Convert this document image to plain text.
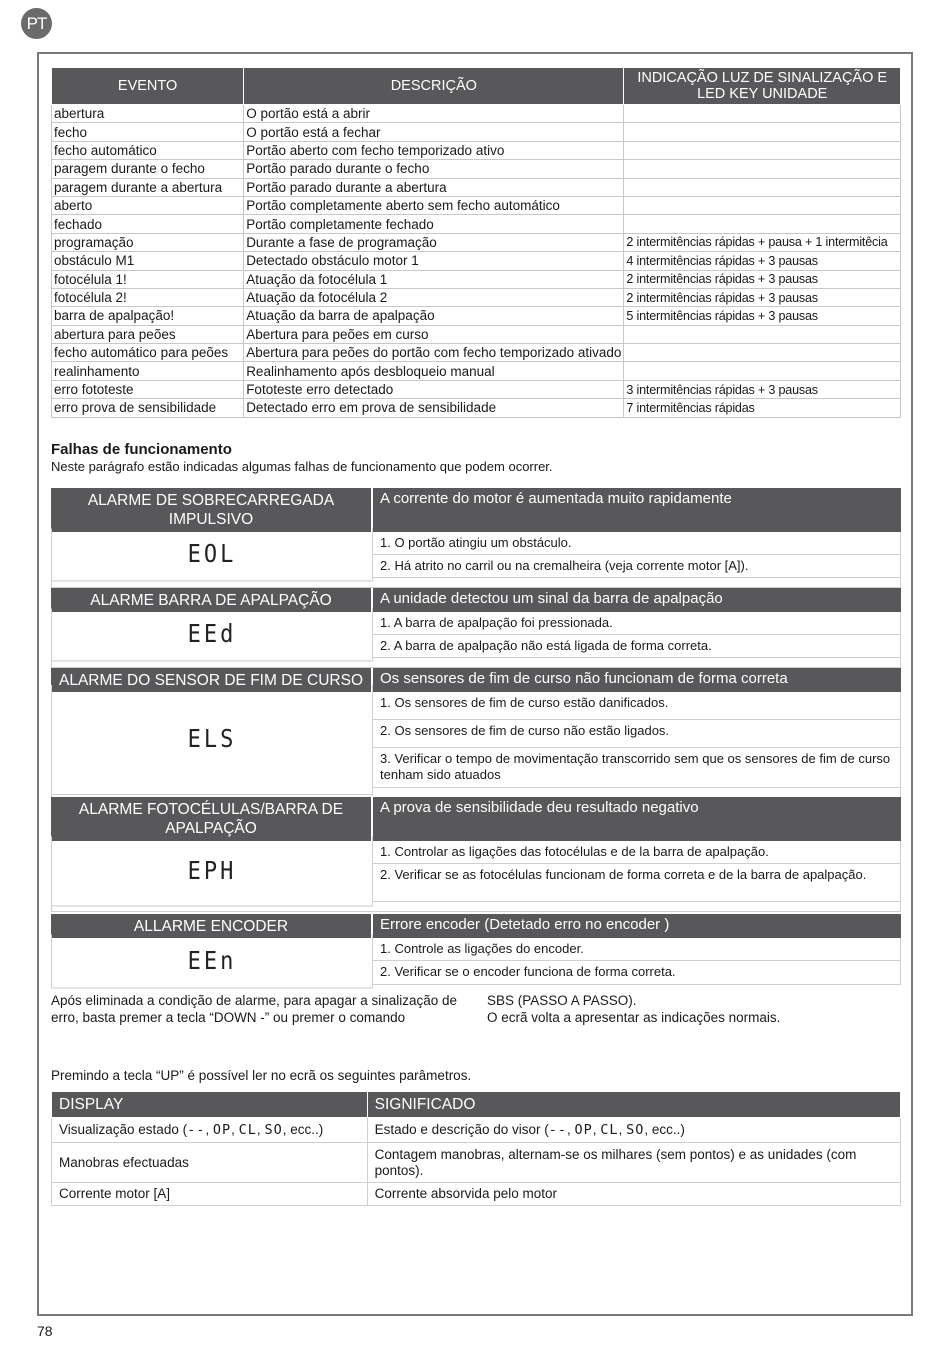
PT
EVENTO	DESCRIÇÃO	INDICAÇÃO LUZ DE SINALIZAÇÃO E LED KEY UNIDADE
abertura	O portão está a abrir	
fecho	O portão está a fechar	
fecho automático	Portão aberto com fecho temporizado ativo	
paragem durante o fecho	Portão parado durante o fecho	
paragem durante a abertura	Portão parado durante a abertura	
aberto	Portão completamente aberto sem fecho automático	
fechado	Portão completamente fechado	
programação	Durante a fase de programação	2 intermitências rápidas + pausa + 1 intermitêcia
obstáculo M1	Detectado obstáculo motor 1	4 intermitências rápidas + 3 pausas
fotocélula 1!	Atuação da fotocélula 1	2 intermitências rápidas + 3 pausas
fotocélula 2!	Atuação da fotocélula 2	2 intermitências rápidas + 3 pausas
barra de apalpação!	Atuação da barra de apalpação	5 intermitências rápidas + 3 pausas
abertura para peões	Abertura para peões em curso	
fecho automático para peões	Abertura para peões do portão com fecho temporizado ativado	
realinhamento	Realinhamento após desbloqueio manual	
erro fototeste	Fototeste erro detectado	3 intermitências rápidas + 3 pausas
erro prova de sensibilidade	Detectado erro em prova de sensibilidade	7 intermitências rápidas
Falhas de funcionamento
Neste parágrafo estão indicadas algumas falhas de funcionamento que podem ocorrer.
ALARME DE SOBRECARREGADA IMPULSIVO
A corrente do motor é aumentada muito rapidamente
EOL	1. O portão atingiu um obstáculo.
2. Há atrito no carril ou na cremalheira (veja corrente motor [A]).
ALARME BARRA DE APALPAÇÃO	A unidade detectou um sinal da barra de apalpação
EEd	1. A barra de apalpação foi pressionada.
2. A barra de apalpação não está ligada de forma correta.
ALARME DO SENSOR DE FIM DE CURSO	Os sensores de fim de curso não funcionam de forma correta
ELS
1. Os sensores de fim de curso estão danificados.
2. Os sensores de fim de curso não estão ligados.
3. Verificar o tempo de movimentação transcorrido sem que os sensores de fim de curso tenham sido atuados
ALARME FOTOCÉLULAS/BARRA DE APALPAÇÃO
A prova de sensibilidade deu resultado negativo
EPH
1. Controlar as ligações das fotocélulas e de la barra de apalpação.
2. Verificar se as fotocélulas funcionam de forma correta e de la barra de apalpação.
ALLARME ENCODER	Errore encoder (Detetado erro no encoder )
EEn	1. Controle as ligações do encoder.
2. Verificar se o encoder funciona de forma correta.
Após eliminada a condição de alarme, para apagar a sinalização de erro, basta premer a tecla “DOWN -” ou premer o comando
SBS (PASSO A PASSO).
O ecrã volta a apresentar as indicações normais.
Premindo a tecla “UP” é possível ler no ecrã os seguintes parâmetros.
DISPLAY	SIGNIFICADO
Visualização estado (--, OP, CL, SO, ecc..)	Estado e descrição do visor (--, OP, CL, SO, ecc..)
Manobras efectuadas	Contagem manobras, alternam-se os milhares (sem pontos) e as unidades (com pontos).
Corrente motor [A]	Corrente absorvida pelo motor
78
